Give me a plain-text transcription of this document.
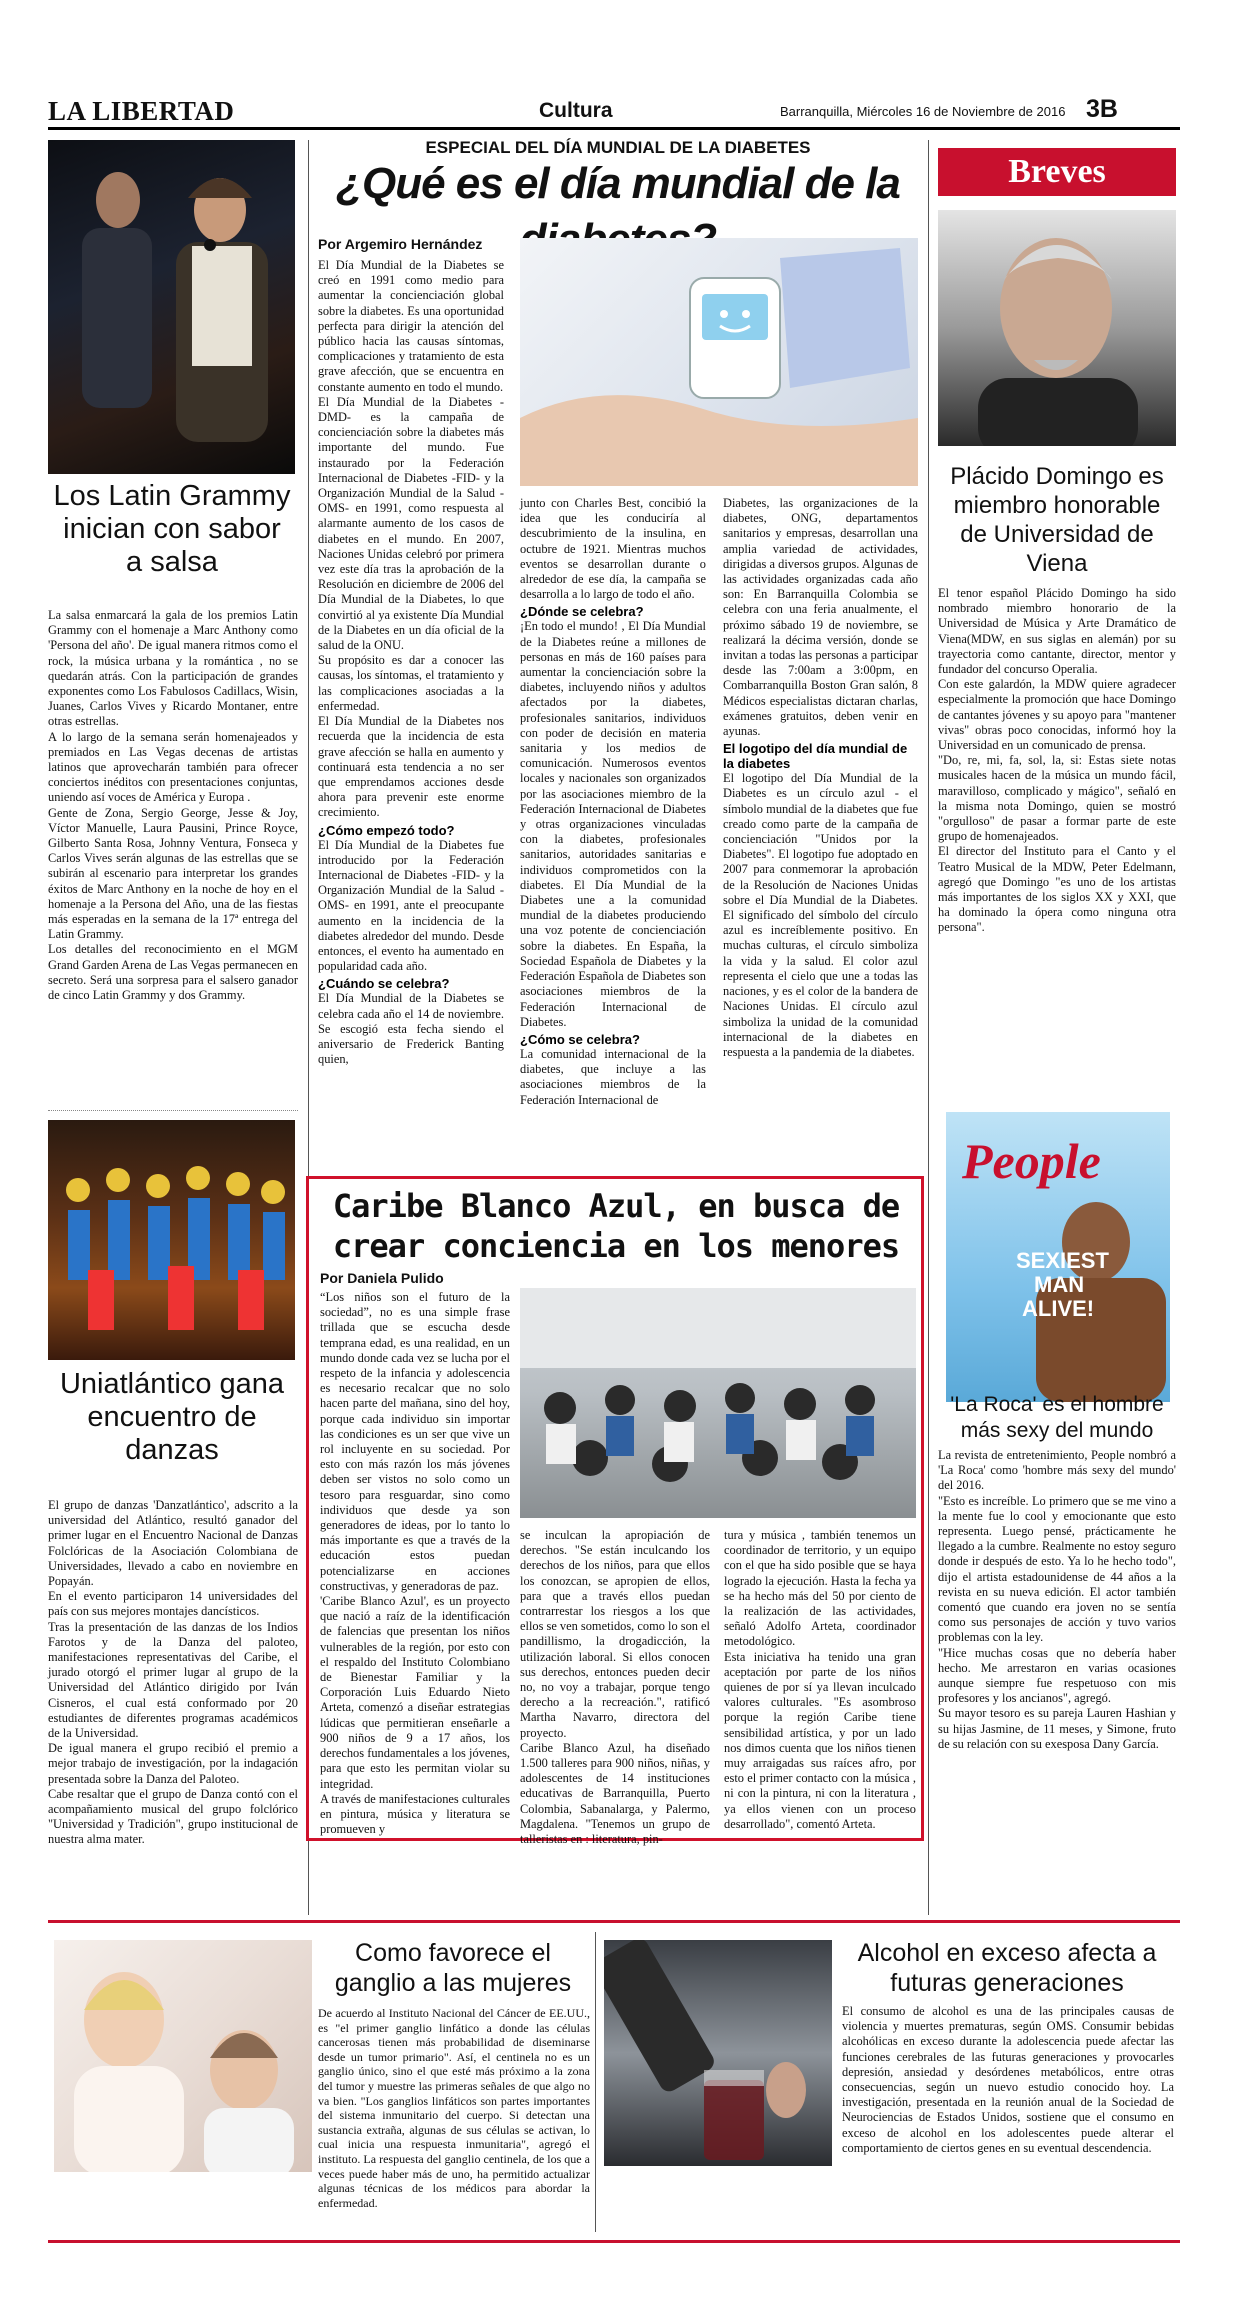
LA LIBERTAD	Cultura	Barranquilla, Miércoles 16 de Noviembre de 2016 3B
Los Latin Grammy inician con sabor a salsa

La salsa enmarcará la gala de los premios Latin Grammy con el homenaje a Marc Anthony como 'Persona del año'. De igual manera ritmos como el rock, la música urbana y la romántica , no se quedarán atrás. Con la participación de grandes exponentes como Los Fabulosos Cadillacs, Wisin, Juanes, Carlos Vives y Ricardo Montaner, entre otras estrellas.
A lo largo de la semana serán homenajeados y premiados en Las Vegas decenas de artistas latinos que aprovecharán también para ofrecer conciertos inéditos con presentaciones conjuntas, uniendo así voces de América y Europa .
Gente de Zona, Sergio George, Jesse & Joy, Víctor Manuelle, Laura Pausini, Prince Royce, Gilberto Santa Rosa, Johnny Ventura, Fonseca y Carlos Vives serán algunas de las estrellas que se subirán al escenario para interpretar los grandes éxitos de Marc Anthony en la noche de hoy en el homenaje a la Persona del Año, una de las fiestas más esperadas en la semana de la 17ª entrega del Latin Grammy.
Los detalles del reconocimiento en el MGM Grand Garden Arena de Las Vegas permanecen en secreto. Será una sorpresa para el salsero ganador de cinco Latin Grammy y dos Grammy.

Uniatlántico gana encuentro de danzas

El grupo de danzas 'Danzatlántico', adscrito a la universidad del Atlántico, resultó ganador del primer lugar en el Encuentro Nacional de Danzas Folclóricas de la Asociación Colombiana de Universidades, llevado a cabo en noviembre en Popayán.
En el evento participaron 14 universidades del país con sus mejores montajes dancísticos.
Tras la presentación de las danzas de los Indios Farotos y de la Danza del paloteo, manifestaciones representativas del Caribe, el jurado otorgó el primer lugar al grupo de la Universidad del Atlántico dirigido por Iván Cisneros, el cual está conformado por 20 estudiantes de diferentes programas académicos de la Universidad.
De igual manera el grupo recibió el premio a mejor trabajo de investigación, por la indagación presentada sobre la Danza del Paloteo.
Cabe resaltar que el grupo de Danza contó con el acompañamiento musical del grupo folclórico "Universidad y Tradición", grupo institucional de nuestra alma mater.

ESPECIAL DEL DÍA MUNDIAL DE LA DIABETES
¿Qué es el día mundial de la
Por Argemiro Hernández

El Día Mundial de la Diabetes se creó en 1991 como medio para aumentar la concienciación global sobre la diabetes. Es una oportunidad perfecta para dirigir la atención del público hacia las causas síntomas, complicaciones y tratamiento de esta grave afección, que se encuentra en constante aumento en todo el mundo.
El Día Mundial de la Diabetes -DMD- es la campaña de concienciación sobre la diabetes más importante del mundo. Fue instaurado por la Federación Internacional de Diabetes -FID- y la Organización Mundial de la Salud -OMS- en 1991, como respuesta al alarmante aumento de los casos de diabetes en el mundo. En 2007, Naciones Unidas celebró por primera vez este día tras la aprobación de la Resolución en diciembre de 2006 del Día Mundial de la Diabetes, lo que convirtió al ya existente Día Mundial de la Diabetes en un día oficial de la salud de la ONU.
Su propósito es dar a conocer las causas, los síntomas, el tratamiento y las complicaciones asociadas a la enfermedad.
El Día Mundial de la Diabetes nos recuerda que la incidencia de esta grave afección se halla en aumento y continuará esta tendencia a no ser que emprendamos acciones desde ahora para prevenir este enorme crecimiento.

¿Cómo empezó todo?

El Día Mundial de la Diabetes fue introducido por la Federación Internacional de Diabetes -FID- y la Organización Mundial de la Salud -OMS- en 1991, ante el preocupante aumento en la incidencia de la diabetes alrededor del mundo. Desde entonces, el evento ha aumentado en popularidad cada año.

¿Cuándo se celebra?

El Día Mundial de la Diabetes se celebra cada año el 14 de noviembre. Se escogió esta fecha siendo el aniversario de Frederick Banting quien,

junto con Charles Best, concibió la idea que les conduciría al descubrimiento de la insulina, en octubre de 1921. Mientras muchos eventos se desarrollan durante o alrededor de ese día, la campaña se desarrolla a lo largo de todo el año.

¿Dónde se celebra?

¡En todo el mundo! , El Día Mundial de la Diabetes reúne a millones de personas en más de 160 países para aumentar la concienciación sobre la diabetes, incluyendo niños y adultos afectados por la diabetes, profesionales sanitarios, individuos con poder de decisión en materia sanitaria y los medios de comunicación. Numerosos eventos locales y nacionales son organizados por las asociaciones miembro de la Federación Internacional de Diabetes y otras organizaciones vinculadas con la diabetes, profesionales sanitarios, autoridades sanitarias e individuos comprometidos con la diabetes. El Día Mundial de la Diabetes une a la comunidad mundial de la diabetes produciendo una voz potente de concienciación sobre la diabetes. En España, la Sociedad Española de Diabetes y la Federación Española de Diabetes son asociaciones miembros de la Federación Internacional de Diabetes.

¿Cómo se celebra?

La comunidad internacional de la diabetes, que incluye a las asociaciones miembros de la Federación Internacional de

Diabetes, las organizaciones de la diabetes, ONG, departamentos sanitarios y empresas, desarrollan una amplia variedad de actividades, dirigidas a diversos grupos. Algunas de las actividades organizadas cada año son: En Barranquilla Colombia se celebra con una feria anualmente, el próximo sábado 19 de noviembre, se realizará la décima versión, donde se invitan a todas las personas a participar desde las 7:00am a 3:00pm, en Combarranquilla Boston Gran salón, 8 Médicos especialistas dictaran charlas, exámenes gratuitos, deben venir en ayunas.

El logotipo del día mundial de la diabetes

El logotipo del Día Mundial de la Diabetes es un círculo azul - el símbolo mundial de la diabetes que fue creado como parte de la campaña de concienciación "Unidos por la Diabetes". El logotipo fue adoptado en 2007 para conmemorar la aprobación de la Resolución de Naciones Unidas sobre el Día Mundial de la Diabetes. El significado del símbolo del círculo azul es increíblemente positivo. En muchas culturas, el círculo simboliza la vida y la salud. El color azul representa el cielo que une a todas las naciones, y es el color de la bandera de Naciones Unidas. El círculo azul simboliza la unidad de la comunidad internacional de la diabetes en respuesta a la pandemia de la diabetes.

Caribe Blanco Azul, en busca de
crear conciencia en los menores
Por Daniela Pulido

“Los niños son el futuro de la sociedad”, no es una simple frase trillada que se escucha desde temprana edad, es una realidad, en un mundo donde cada vez se lucha por el respeto de la infancia y adolescencia es necesario recalcar que no solo hacen parte del mañana, sino del hoy, porque cada individuo sin importar las condiciones es un ser que vive un rol incluyente en su sociedad. Por esto con más razón los más jóvenes deben ser vistos no solo como un tesoro para resguardar, sino como individuos que desde ya son generadores de ideas, por lo tanto lo más importante es que a través de la educación estos puedan potencializarse en acciones constructivas, y generadoras de paz.
'Caribe Blanco Azul', es un proyecto que nació a raíz de la identificación de falencias que presentan los niños vulnerables de la región, por esto con el respaldo del Instituto Colombiano de Bienestar Familiar y la Corporación Luis Eduardo Nieto Arteta, comenzó a diseñar estrategias lúdicas que permitieran enseñarle a 900 niños de 9 a 17 años, los derechos fundamentales a los jóvenes, para que esto les permitan violar su integridad.
A través de manifestaciones culturales en pintura, música y literatura se promueven y

se inculcan la apropiación de derechos. "Se están inculcando los derechos de los niños, para que ellos los conozcan, se apropien de ellos, para que a través ellos puedan contrarrestar los riesgos a los que ellos se ven sometidos, como lo son el pandillismo, la drogadicción, la utilización laboral. Si ellos conocen sus derechos, entonces pueden decir no, no voy a trabajar, porque tengo derecho a la recreación.", ratificó Martha Navarro, directora del proyecto.
Caribe Blanco Azul, ha diseñado 1.500 talleres para 900 niños, niñas, y adolescentes de 14 instituciones educativas de Barranquilla, Puerto Colombia, Sabanalarga, y Palermo, Magdalena. "Tenemos un grupo de talleristas en : literatura, pin-

tura y música , también tenemos un coordinador de territorio, y un equipo con el que ha sido posible que se haya logrado la ejecución. Hasta la fecha ya se ha hecho más del 50 por ciento de la realización de las actividades, señaló Adolfo Arteta, coordinador metodológico.
Esta iniciativa ha tenido una gran aceptación por parte de los niños quienes de por sí ya llevan inculcado valores culturales. "Es asombroso porque la región Caribe tiene sensibilidad artística, y por un lado nos dimos cuenta que los niños tienen muy arraigadas sus raíces afro, por esto el primer contacto con la música , ni con la pintura, ni con la literatura , ya ellos vienen con un proceso desarrollado", comentó Arteta.

Breves
Plácido Domingo es miembro honorable de Universidad de Viena

El tenor español Plácido Domingo ha sido nombrado miembro honorario de la Universidad de Música y Arte Dramático de Viena(MDW, en sus siglas en alemán) por su trayectoria como cantante, director, mentor y fundador del concurso Operalia.
Con este galardón, la MDW quiere agradecer especialmente la promoción que hace Domingo de cantantes jóvenes y su apoyo para "mantener vivas" obras poco conocidas, informó hoy la Universidad en un comunicado de prensa.
"Do, re, mi, fa, sol, la, si: Estas siete notas musicales hacen de la música un mundo fácil, maravilloso, complicado y mágico", señaló en la misma nota Domingo, quien se mostró "orgulloso" de pasar a formar parte de este grupo de homenajeados.
El director del Instituto para el Canto y el Teatro Musical de la MDW, Peter Edelmann, agregó que Domingo "es uno de los artistas más importantes de los siglos XX y XXI, que ha dominado la ópera como ninguna otra persona".

People
SEXIEST
MAN
ALIVE!
'La Roca' es el hombre más sexy del mundo

La revista de entretenimiento, People nombró a 'La Roca' como 'hombre más sexy del mundo' del 2016.
"Esto es increíble. Lo primero que se me vino a la mente fue lo cool y emocionante que esto representa. Luego pensé, prácticamente he llegado a la cumbre. Realmente no estoy seguro donde ir después de esto. Ya lo he hecho todo", dijo el artista estadounidense de 44 años a la revista en su nueva edición. El actor también comentó que cuando era joven no se sentía como sus personajes de acción y tuvo varios problemas con la ley.
"Hice muchas cosas que no debería haber hecho. Me arrestaron en varias ocasiones aunque siempre fue respetuoso con mis profesores y los ancianos", agregó.
Su mayor tesoro es su pareja Lauren Hashian y su hijas Jasmine, de 11 meses, y Simone, fruto de su relación con su exesposa Dany García.

Como favorece el ganglio a las mujeres

De acuerdo al Instituto Nacional del Cáncer de EE.UU., es "el primer ganglio linfático a donde las células cancerosas tienen más probabilidad de diseminarse desde un tumor primario". Así, el centinela no es un ganglio único, sino el que esté más próximo a la zona del tumor y muestre las primeras señales de que algo no va bien. "Los ganglios linfáticos son partes importantes del sistema inmunitario del cuerpo. Si detectan una sustancia extraña, algunas de sus células se activan, lo cual inicia una respuesta inmunitaria", agregó el instituto. La respuesta del ganglio centinela, de los que a veces puede haber más de uno, ha permitido actualizar algunas técnicas de los médicos para abordar la enfermedad.

Alcohol en exceso afecta a futuras generaciones

El consumo de alcohol es una de las principales causas de violencia y muertes prematuras, según OMS. Consumir bebidas alcohólicas en exceso durante la adolescencia puede afectar las funciones cerebrales de las futuras generaciones y provocarles depresión, ansiedad y desórdenes metabólicos, entre otras consecuencias, según un nuevo estudio conocido hoy. La investigación, presentada en la reunión anual de la Sociedad de Neurociencias de Estados Unidos, sostiene que el consumo en exceso de alcohol en los adolescentes puede alterar el comportamiento de ciertos genes en su eventual descendencia.
